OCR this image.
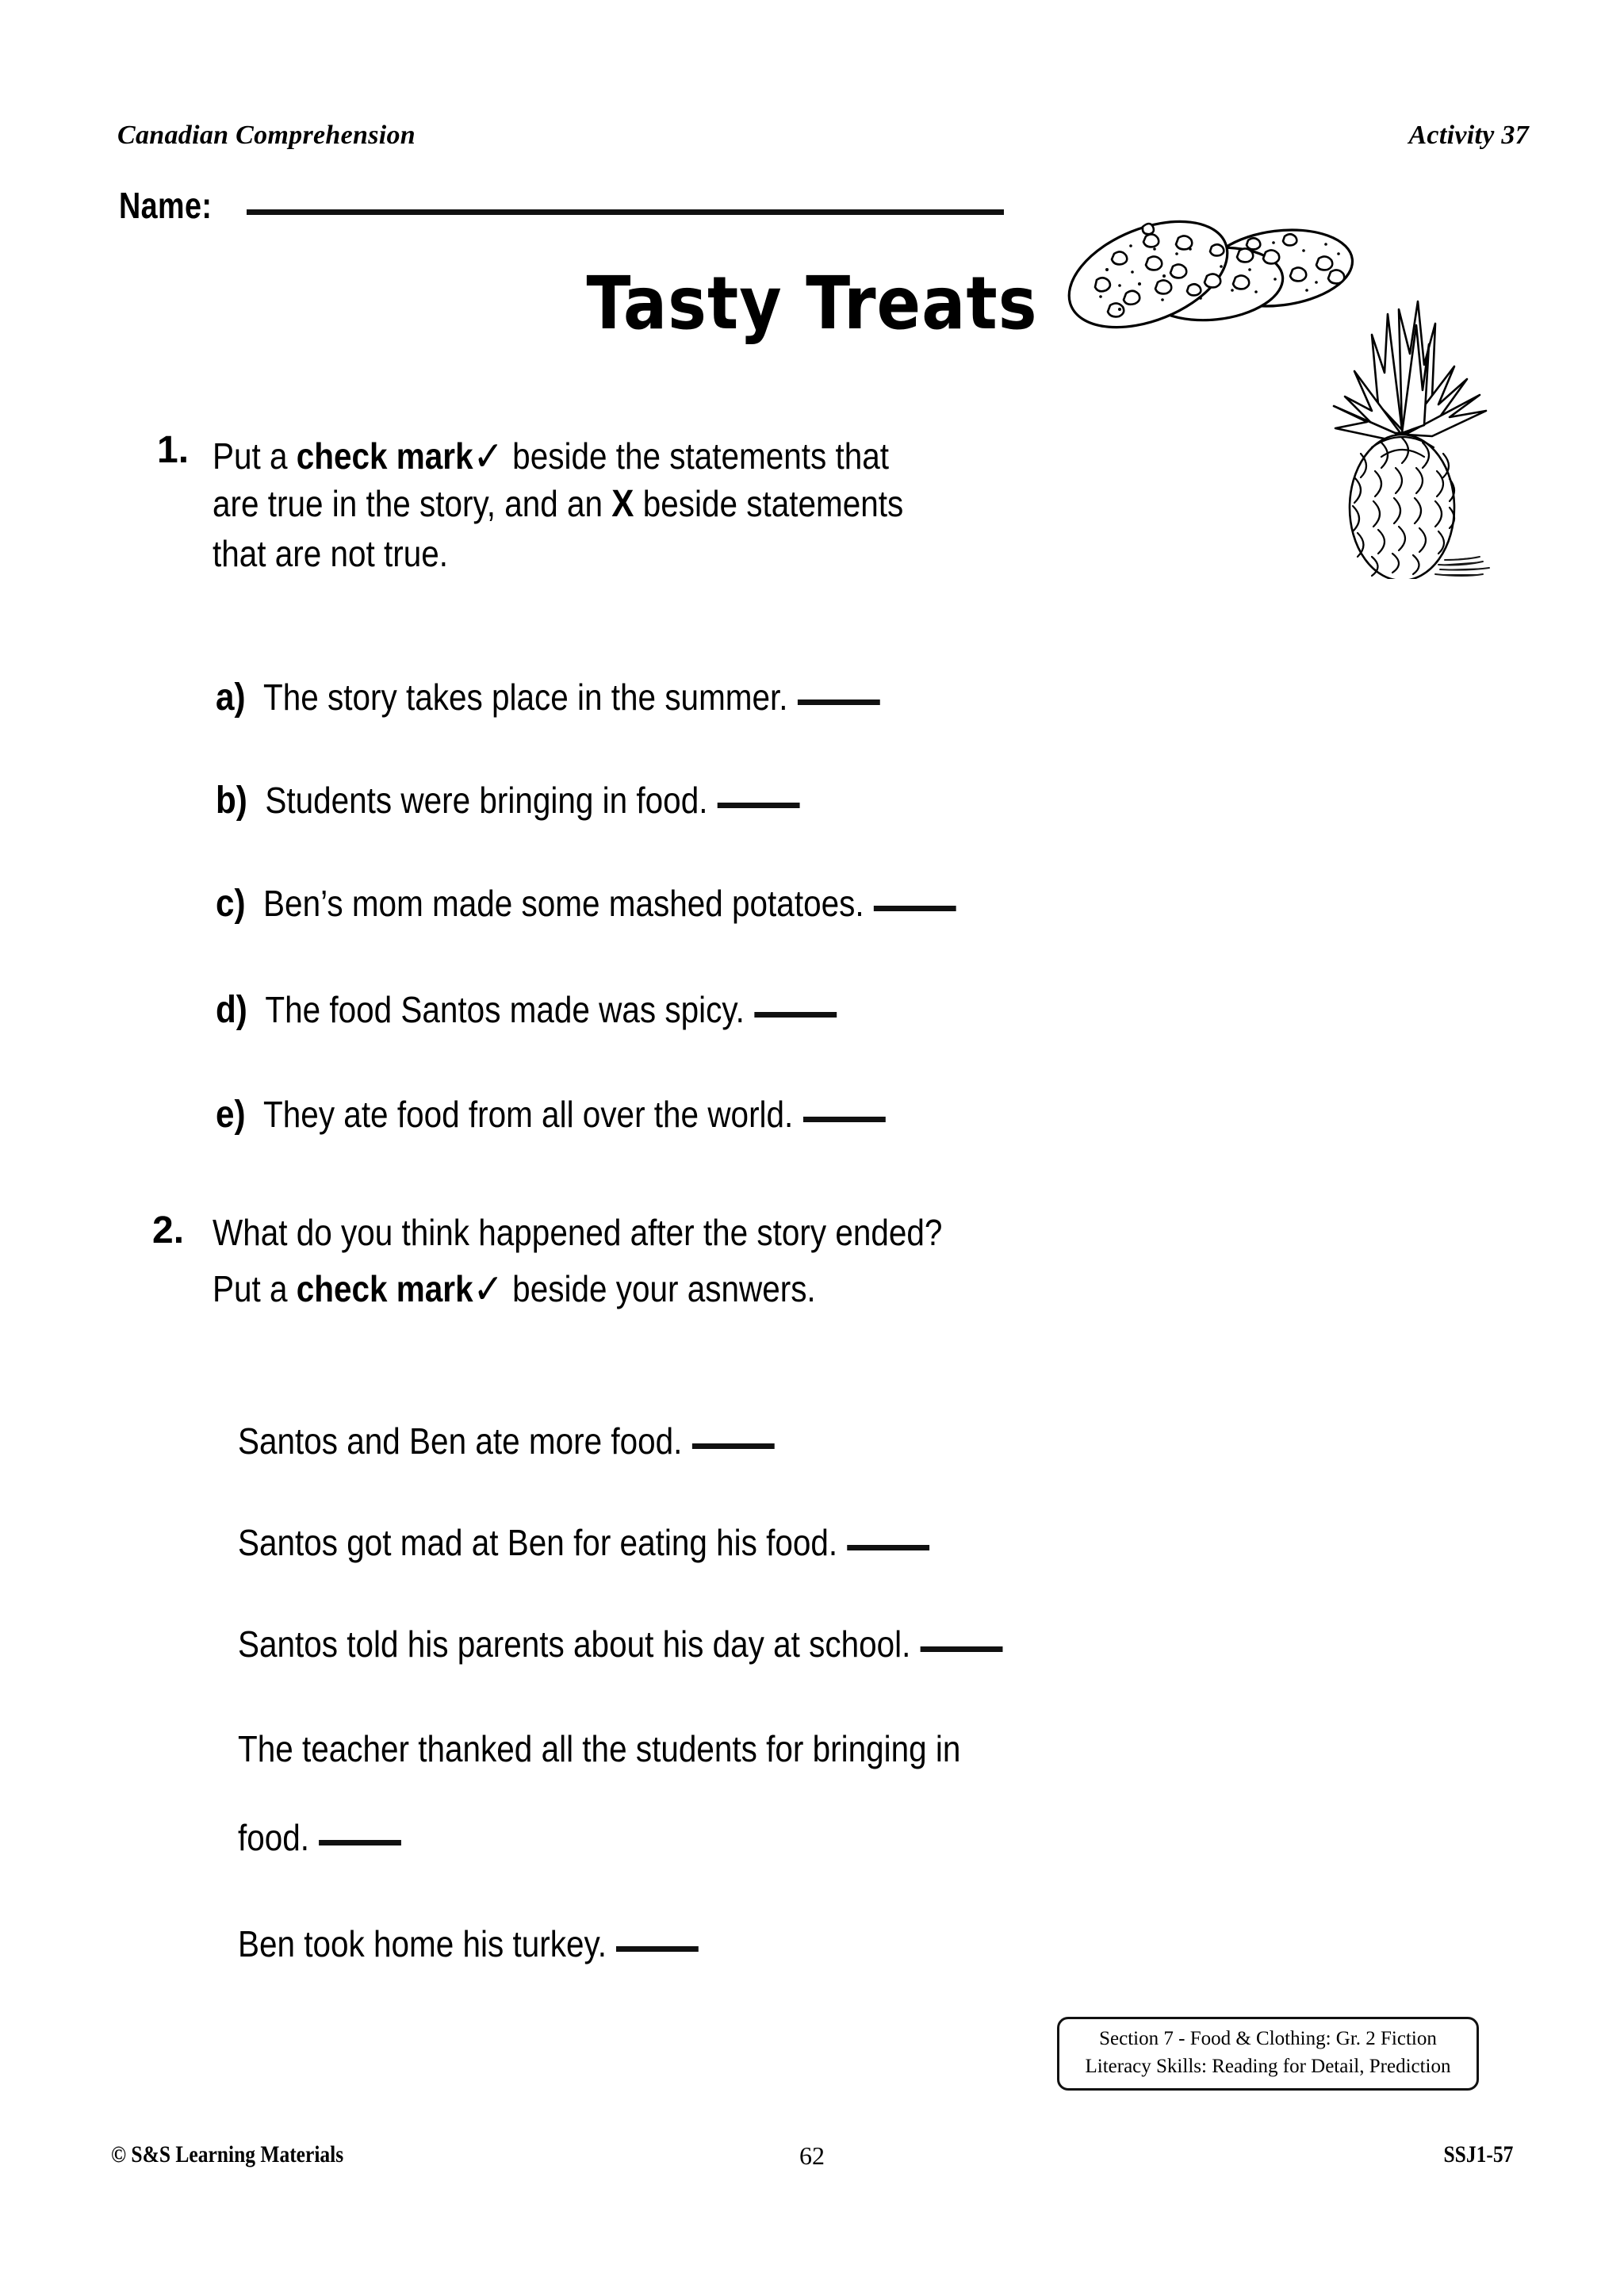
Canadian Comprehension	Activity 37
Name:
Tasty Treats
1. Put a check mark✓ beside the statements that
are true in the story, and an X beside statements
that are not true.
a) The story takes place in the summer.
b) Students were bringing in food.
c) Ben’s mom made some mashed potatoes.
d) The food Santos made was spicy.
e) They ate food from all over the world.
2. What do you think happened after the story ended?
Put a check mark✓ beside your asnwers.
Santos and Ben ate more food.
Santos got mad at Ben for eating his food.
Santos told his parents about his day at school.
The teacher thanked all the students for bringing in
food.
Ben took home his turkey.
Section 7 - Food & Clothing: Gr. 2 Fiction
Literacy Skills: Reading for Detail, Prediction
© S&S Learning Materials	62	SSJ1-57
